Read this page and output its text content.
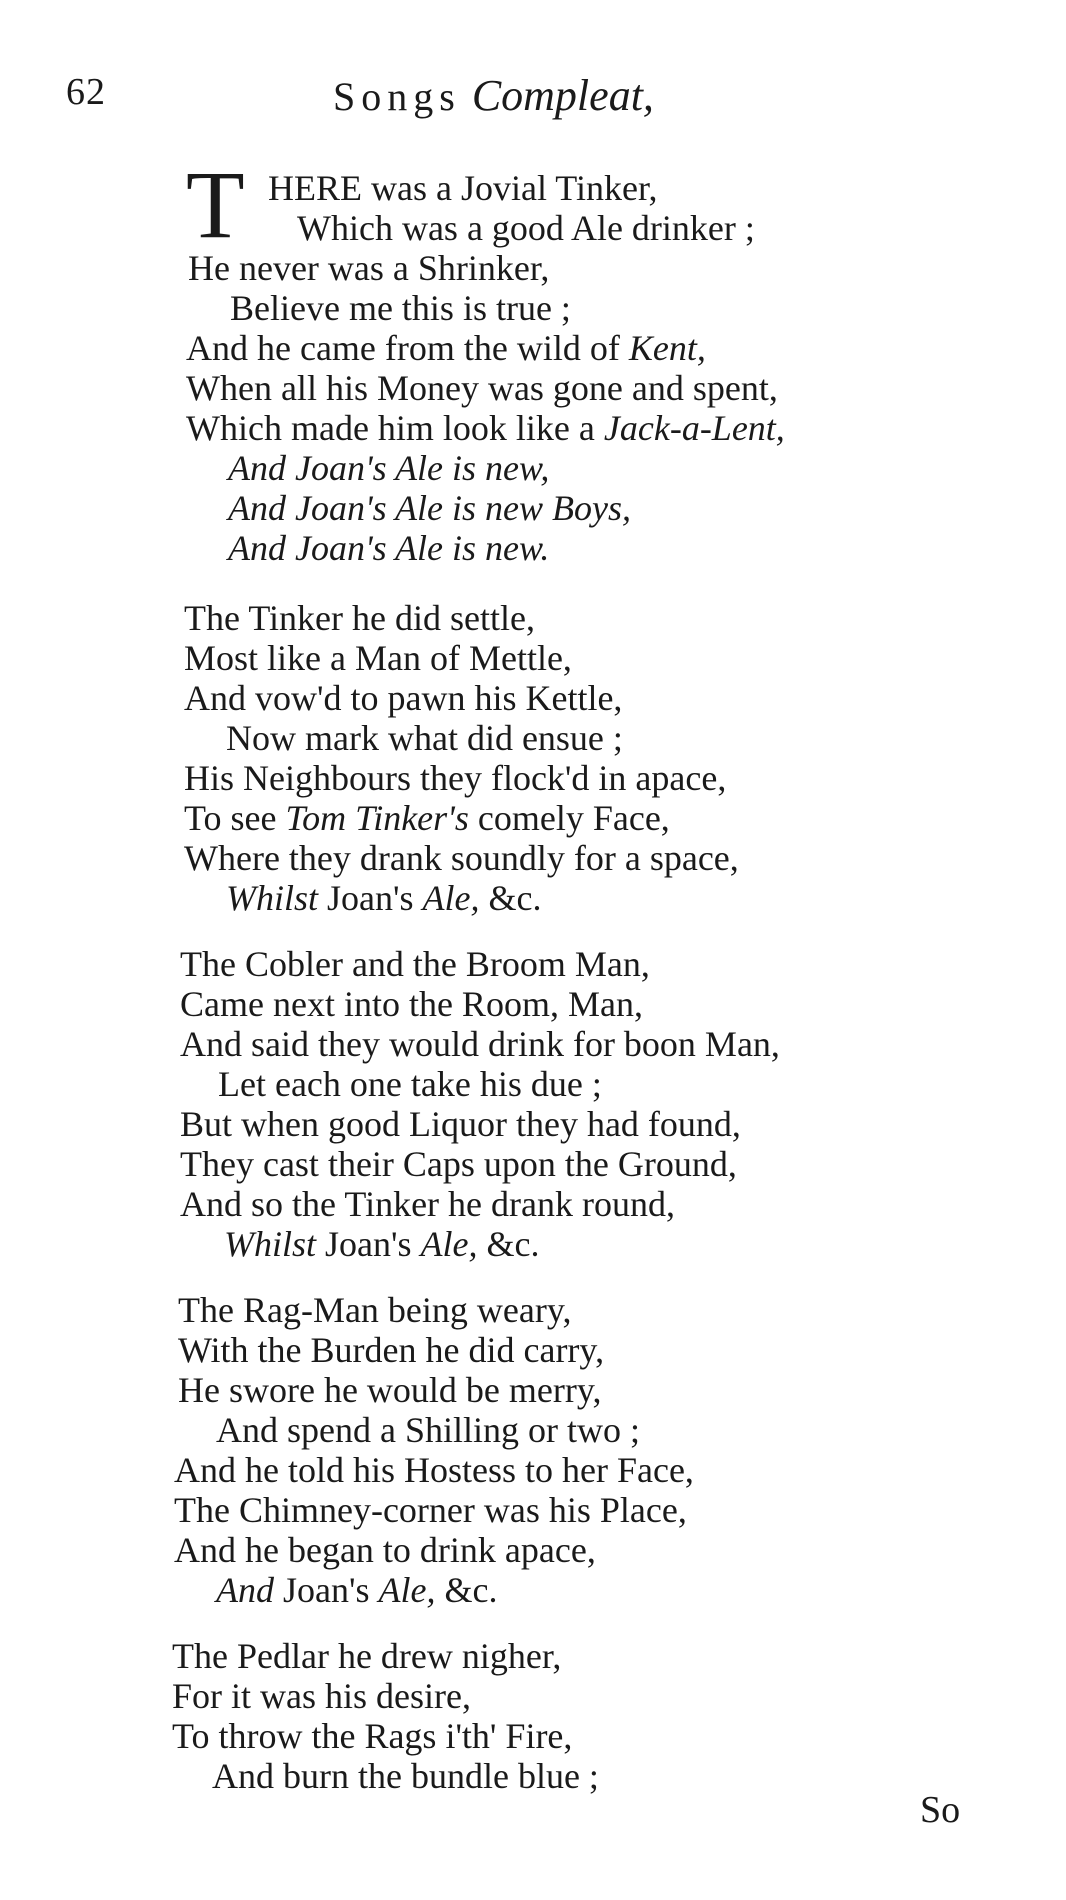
62	Songs Compleat,
T HERE was a Jovial Tinker,
Which was a good Ale drinker ;
He never was a Shrinker,
Believe me this is true ;
And he came from the wild of Kent,
When all his Money was gone and spent,
Which made him look like a Jack-a-Lent,
And Joan's Ale is new,
And Joan's Ale is new Boys,
And Joan's Ale is new.
The Tinker he did settle,
Most like a Man of Mettle,
And vow'd to pawn his Kettle,
Now mark what did ensue ;
His Neighbours they flock'd in apace,
To see Tom Tinker's comely Face,
Where they drank soundly for a space,
Whilst Joan's Ale, &c.
The Cobler and the Broom Man,
Came next into the Room, Man,
And said they would drink for boon Man,
Let each one take his due ;
But when good Liquor they had found,
They cast their Caps upon the Ground,
And so the Tinker he drank round,
Whilst Joan's Ale, &c.
The Rag-Man being weary,
With the Burden he did carry,
He swore he would be merry,
And spend a Shilling or two ;
And he told his Hostess to her Face,
The Chimney-corner was his Place,
And he began to drink apace,
And Joan's Ale, &c.
The Pedlar he drew nigher,
For it was his desire,
To throw the Rags i'th' Fire,
And burn the bundle blue ;
So
